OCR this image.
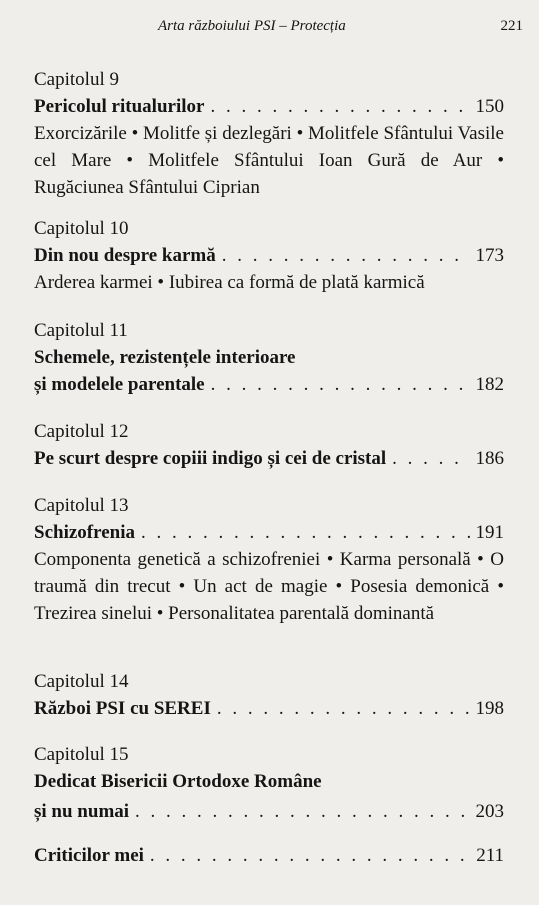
Arta războiului PSI – Protecția	221
Capitolul 9
Pericolul ritualurilor . . .	150
Exorcizările • Molitfe și dezlegări • Molitfele Sfântului Vasile cel Mare • Molitfele Sfântului Ioan Gură de Aur • Rugăciunea Sfântului Ciprian
Capitolul 10
Din nou despre karmă . . .	173
Arderea karmei • Iubirea ca formă de plată karmică
Capitolul 11
Schemele, rezistențele interioare
și modelele parentale . . .	182
Capitolul 12
Pe scurt despre copiii indigo și cei de cristal . . .	186
Capitolul 13
Schizofrenia . . .	191
Componenta genetică a schizofreniei • Karma personală • O traumă din trecut • Un act de magie • Posesia demonică • Trezirea sinelui • Personalitatea parentală dominantă
Capitolul 14
Război PSI cu SEREI . . .	198
Capitolul 15
Dedicat Bisericii Ortodoxe Române
și nu numai . . .	203
Criticilor mei . . .	211
